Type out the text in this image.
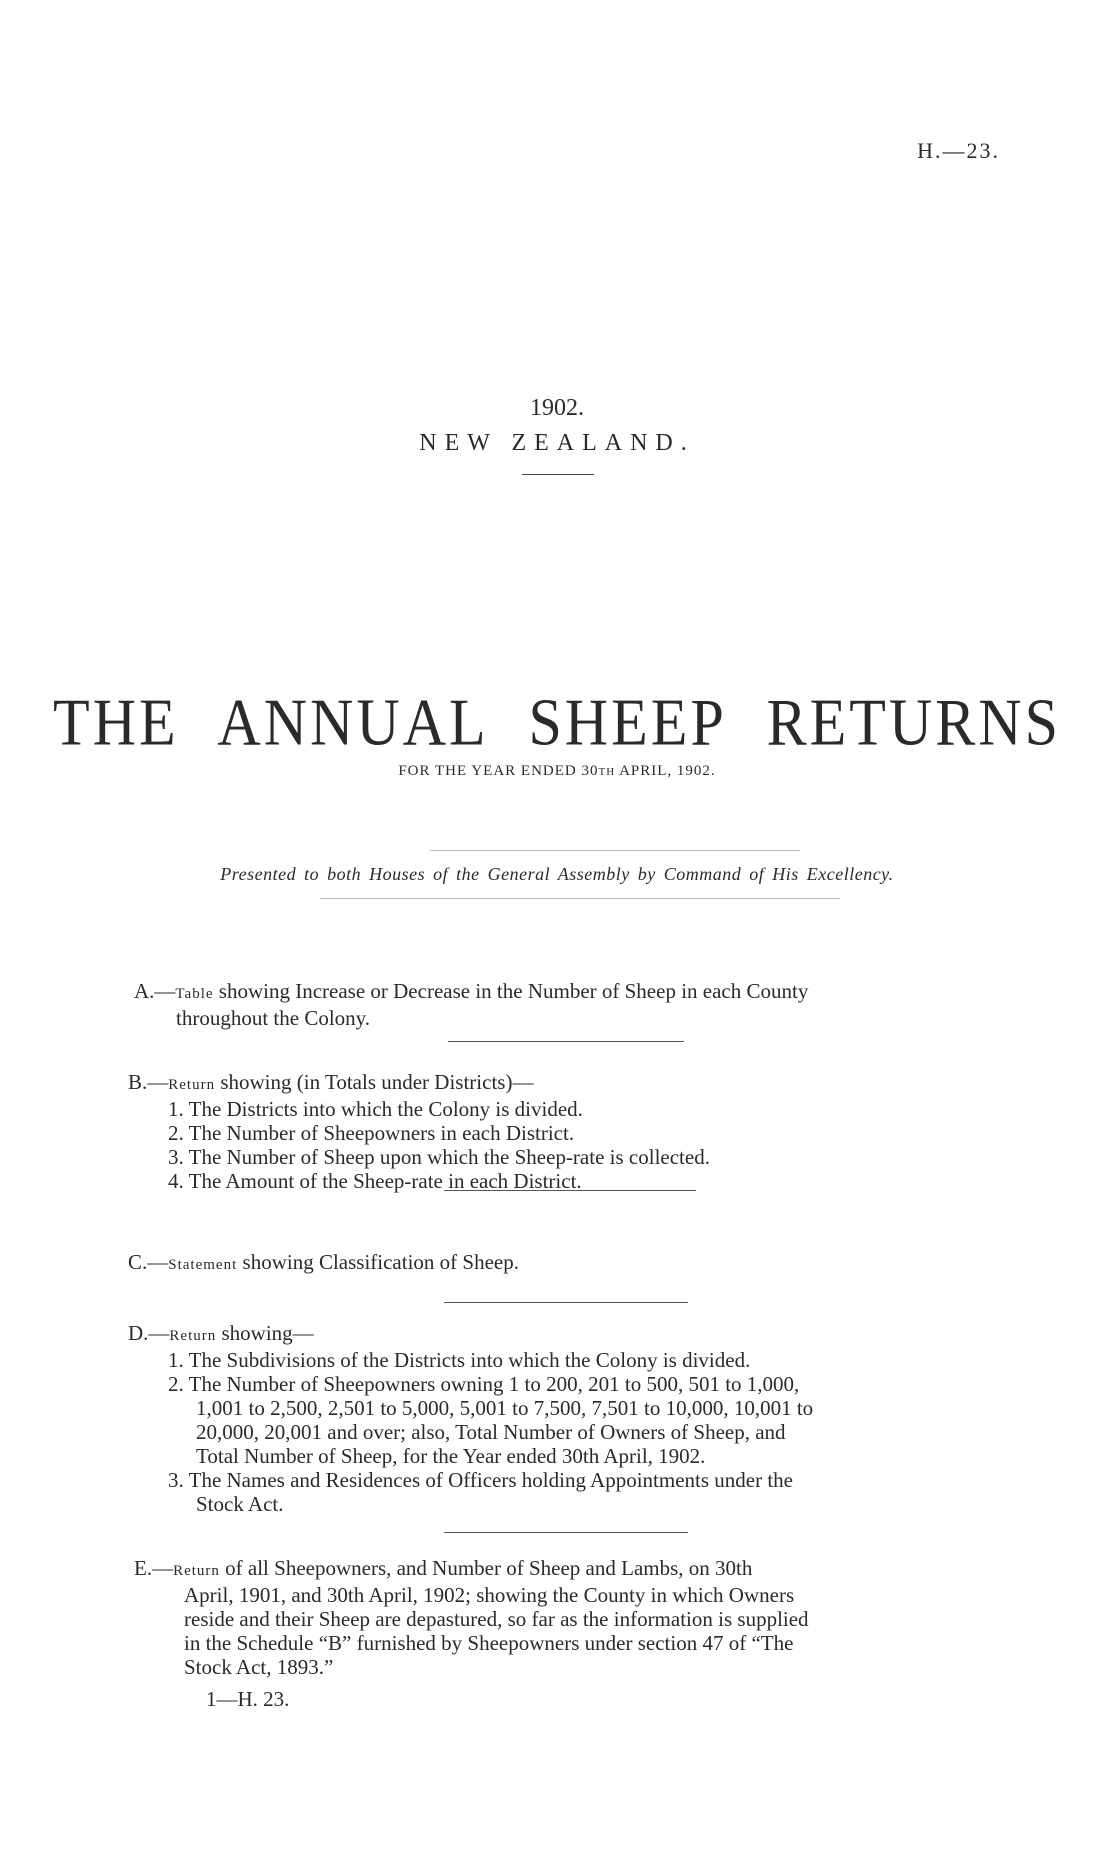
H.—23.
1902.
NEW ZEALAND.
THE ANNUAL SHEEP RETURNS
FOR THE YEAR ENDED 30TH APRIL, 1902.
Presented to both Houses of the General Assembly by Command of His Excellency.
A.—Table showing Increase or Decrease in the Number of Sheep in each County
throughout the Colony.
B.—Return showing (in Totals under Districts)—
1. The Districts into which the Colony is divided.
2. The Number of Sheepowners in each District.
3. The Number of Sheep upon which the Sheep-rate is collected.
4. The Amount of the Sheep-rate in each District.
C.—Statement showing Classification of Sheep.
D.—Return showing—
1. The Subdivisions of the Districts into which the Colony is divided.
2. The Number of Sheepowners owning 1 to 200, 201 to 500, 501 to 1,000,
1,001 to 2,500, 2,501 to 5,000, 5,001 to 7,500, 7,501 to 10,000, 10,001 to
20,000, 20,001 and over; also, Total Number of Owners of Sheep, and
Total Number of Sheep, for the Year ended 30th April, 1902.
3. The Names and Residences of Officers holding Appointments under the
Stock Act.
E.—Return of all Sheepowners, and Number of Sheep and Lambs, on 30th
April, 1901, and 30th April, 1902; showing the County in which Owners
reside and their Sheep are depastured, so far as the information is supplied
in the Schedule “B” furnished by Sheepowners under section 47 of “The
Stock Act, 1893.”
1—H. 23.
